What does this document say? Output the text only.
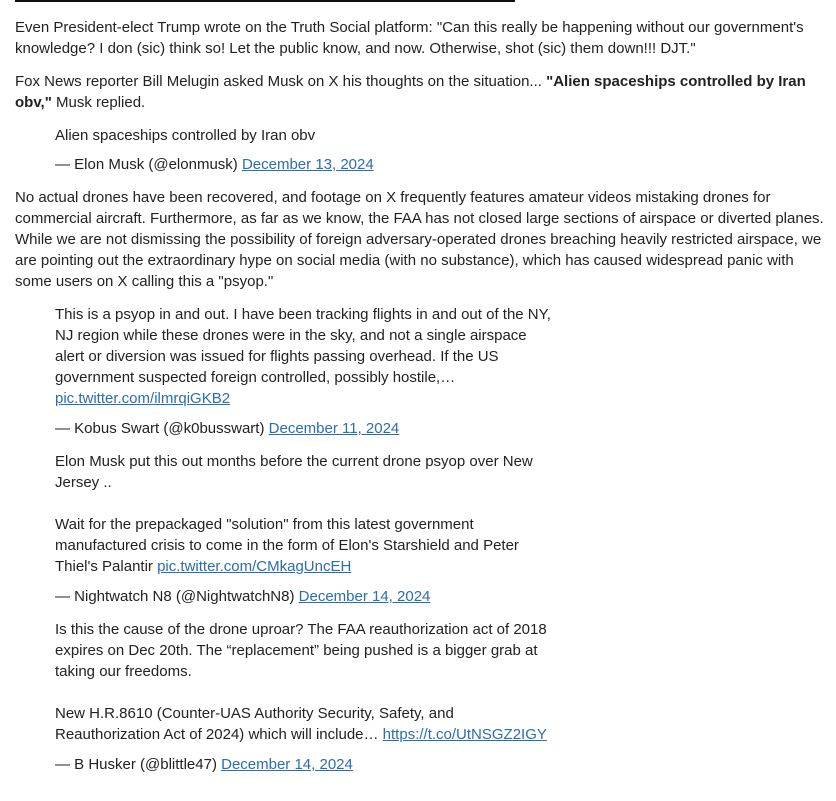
Even President-elect Trump wrote on the Truth Social platform: "Can this really be happening without our government's knowledge? I don (sic) think so! Let the public know, and now. Otherwise, shot (sic) them down!!! DJT."

Fox News reporter Bill Melugin asked Musk on X his thoughts on the situation... "Alien spaceships controlled by Iran obv," Musk replied.

Alien spaceships controlled by Iran obv

— Elon Musk (@elonmusk) December 13, 2024

No actual drones have been recovered, and footage on X frequently features amateur videos mistaking drones for commercial aircraft. Furthermore, as far as we know, the FAA has not closed large sections of airspace or diverted planes. While we are not dismissing the possibility of foreign adversary-operated drones breaching heavily restricted airspace, we are pointing out the extraordinary hype on social media (with no substance), which has caused widespread panic with some users on X calling this a "psyop."

This is a psyop in and out. I have been tracking flights in and out of the NY, NJ region while these drones were in the sky, and not a single airspace alert or diversion was issued for flights passing overhead. If the US government suspected foreign controlled, possibly hostile,… pic.twitter.com/ilmrqiGKB2

— Kobus Swart (@k0busswart) December 11, 2024

Elon Musk put this out months before the current drone psyop over New Jersey ..

Wait for the prepackaged "solution" from this latest government manufactured crisis to come in the form of Elon's Starshield and Peter Thiel's Palantir pic.twitter.com/CMkagUncEH

— Nightwatch N8 (@NightwatchN8) December 14, 2024

Is this the cause of the drone uproar? The FAA reauthorization act of 2018 expires on Dec 20th. The “replacement” being pushed is a bigger grab at taking our freedoms.

New H.R.8610 (Counter-UAS Authority Security, Safety, and Reauthorization Act of 2024) which will include… https://t.co/UtNSGZ2IGY

— B Husker (@blittle47) December 14, 2024
